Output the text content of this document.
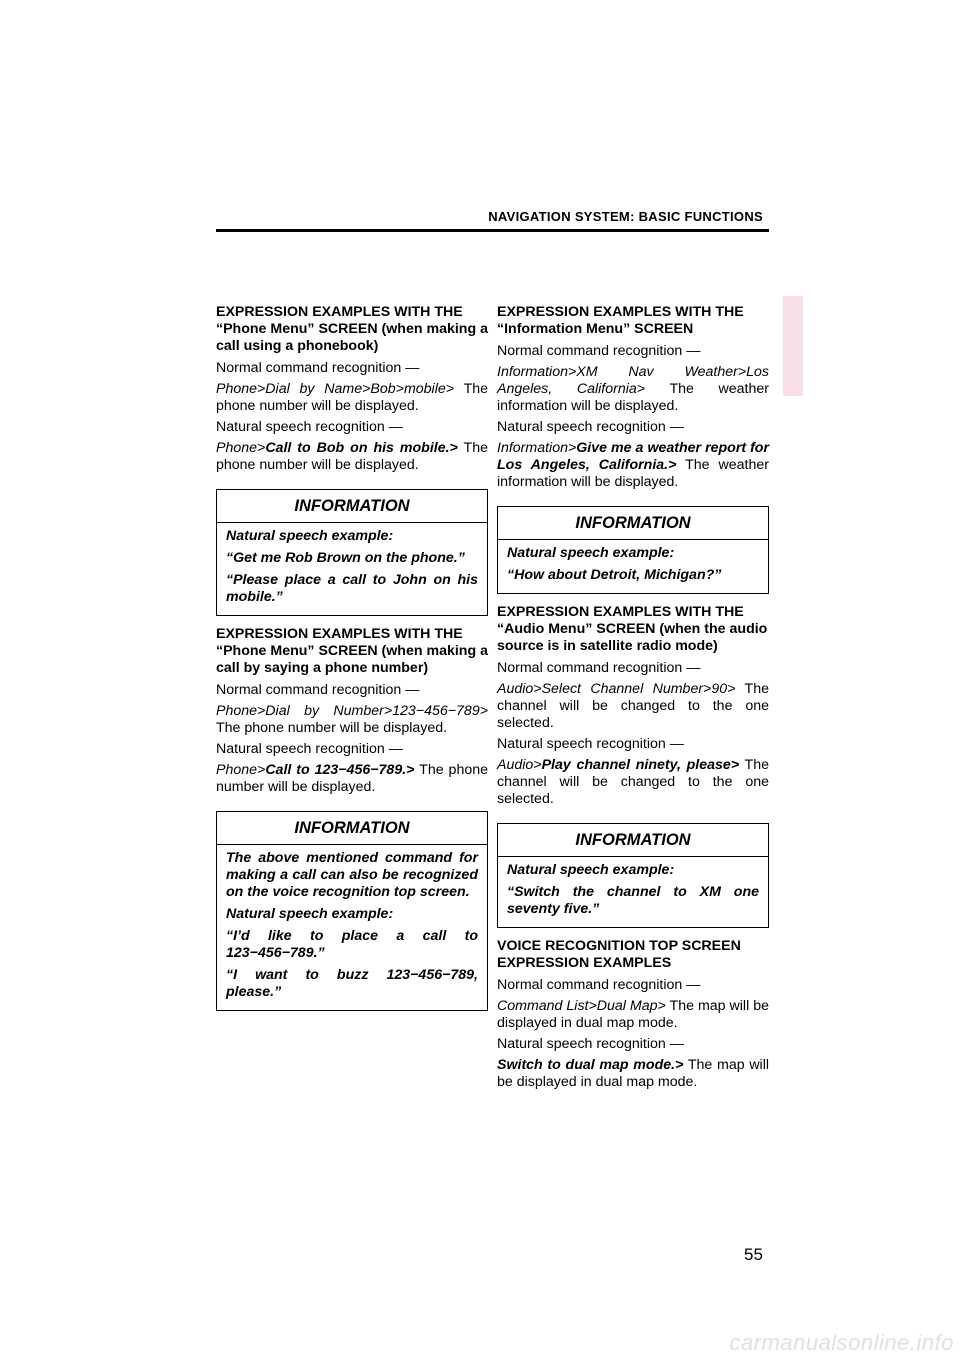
NAVIGATION SYSTEM: BASIC FUNCTIONS
EXPRESSION EXAMPLES WITH THE “Phone Menu” SCREEN (when making a call using a phonebook)
Normal command recognition —
Phone>Dial by Name>Bob>mobile> The phone number will be displayed.
Natural speech recognition —
Phone>Call to Bob on his mobile.> The phone number will be displayed.
INFORMATION
Natural speech example:
“Get me Rob Brown on the phone.”
“Please place a call to John on his mobile.”
EXPRESSION EXAMPLES WITH THE “Phone Menu” SCREEN (when making a call by saying a phone number)
Normal command recognition —
Phone>Dial by Number>123−456−789> The phone number will be displayed.
Natural speech recognition —
Phone>Call to 123−456−789.> The phone number will be displayed.
INFORMATION
The above mentioned command for making a call can also be recognized on the voice recognition top screen.
Natural speech example:
“I’d like to place a call to 123−456−789.”
“I want to buzz 123−456−789, please.”
EXPRESSION EXAMPLES WITH THE “Information Menu” SCREEN
Normal command recognition —
Information>XM Nav Weather>Los Angeles, California> The weather information will be displayed.
Natural speech recognition —
Information>Give me a weather report for Los Angeles, California.> The weather information will be displayed.
INFORMATION
Natural speech example:
“How about Detroit, Michigan?”
EXPRESSION EXAMPLES WITH THE “Audio Menu” SCREEN (when the audio source is in satellite radio mode)
Normal command recognition —
Audio>Select Channel Number>90> The channel will be changed to the one selected.
Natural speech recognition —
Audio>Play channel ninety, please> The channel will be changed to the one selected.
INFORMATION
Natural speech example:
“Switch the channel to XM one seventy five.”
VOICE RECOGNITION TOP SCREEN EXPRESSION EXAMPLES
Normal command recognition —
Command List>Dual Map> The map will be displayed in dual map mode.
Natural speech recognition —
Switch to dual map mode.> The map will be displayed in dual map mode.
55
carmanualsonline.info
